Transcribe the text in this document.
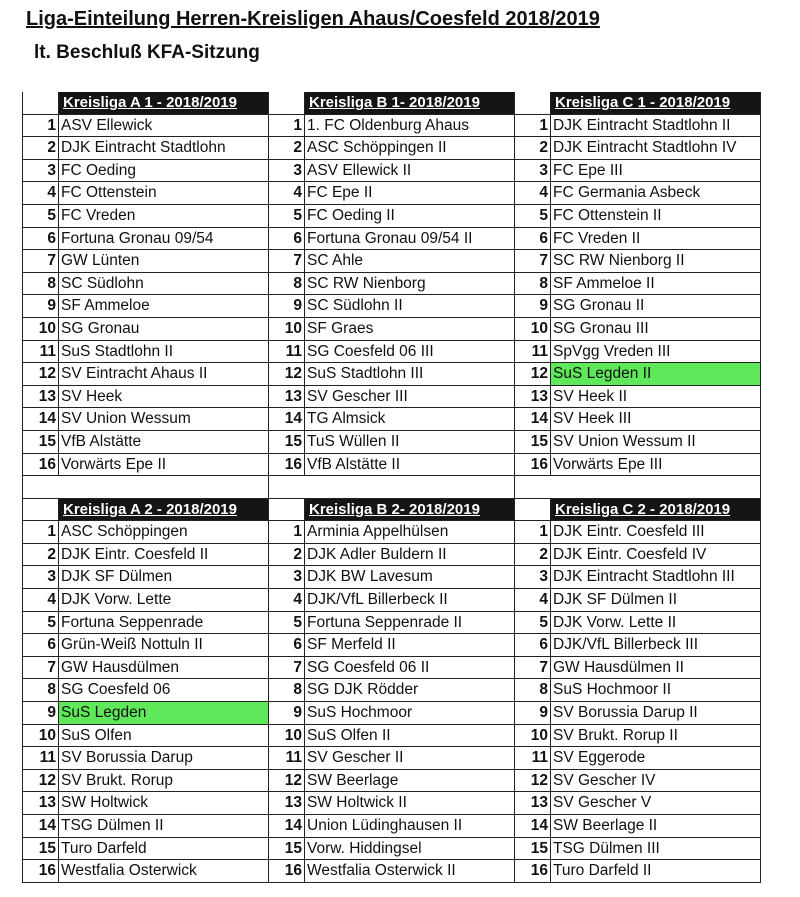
Liga-Einteilung Herren-Kreisligen Ahaus/Coesfeld 2018/2019
lt. Beschluß KFA-Sitzung
Kreisliga A 1 - 2018/2019	Kreisliga B 1- 2018/2019	Kreisliga C 1 - 2018/2019
1 ASV Ellewick	1 1. FC Oldenburg Ahaus	1 DJK Eintracht Stadtlohn II
2 DJK Eintracht Stadtlohn	2 ASC Schöppingen II	2 DJK Eintracht Stadtlohn IV
3 FC Oeding	3 ASV Ellewick II	3 FC Epe III
4 FC Ottenstein	4 FC Epe II	4 FC Germania Asbeck
5 FC Vreden	5 FC Oeding II	5 FC Ottenstein II
6 Fortuna Gronau 09/54	6 Fortuna Gronau 09/54 II	6 FC Vreden II
7 GW Lünten	7 SC Ahle	7 SC RW Nienborg II
8 SC Südlohn	8 SC RW Nienborg	8 SF Ammeloe II
9 SF Ammeloe	9 SC Südlohn II	9 SG Gronau II
10 SG Gronau	10 SF Graes	10 SG Gronau III
11 SuS Stadtlohn II	11 SG Coesfeld 06 III	11 SpVgg Vreden III
12 SV Eintracht Ahaus II	12 SuS Stadtlohn III	12 SuS Legden II
13 SV Heek	13 SV Gescher III	13 SV Heek II
14 SV Union Wessum	14 TG Almsick	14 SV Heek III
15 VfB Alstätte	15 TuS Wüllen II	15 SV Union Wessum II
16 Vorwärts Epe II	16 VfB Alstätte II	16 Vorwärts Epe III
Kreisliga A 2 - 2018/2019	Kreisliga B 2- 2018/2019	Kreisliga C 2 - 2018/2019
1 ASC Schöppingen	1 Arminia Appelhülsen	1 DJK Eintr. Coesfeld III
2 DJK Eintr. Coesfeld II	2 DJK Adler Buldern II	2 DJK Eintr. Coesfeld IV
3 DJK SF Dülmen	3 DJK BW Lavesum	3 DJK Eintracht Stadtlohn III
4 DJK Vorw. Lette	4 DJK/VfL Billerbeck II	4 DJK SF Dülmen II
5 Fortuna Seppenrade	5 Fortuna Seppenrade II	5 DJK Vorw. Lette II
6 Grün-Weiß Nottuln II	6 SF Merfeld II	6 DJK/VfL Billerbeck III
7 GW Hausdülmen	7 SG Coesfeld 06 II	7 GW Hausdülmen II
8 SG Coesfeld 06	8 SG DJK Rödder	8 SuS Hochmoor II
9 SuS Legden	9 SuS Hochmoor	9 SV Borussia Darup II
10 SuS Olfen	10 SuS Olfen II	10 SV Brukt. Rorup II
11 SV Borussia Darup	11 SV Gescher II	11 SV Eggerode
12 SV Brukt. Rorup	12 SW Beerlage	12 SV Gescher IV
13 SW Holtwick	13 SW Holtwick II	13 SV Gescher V
14 TSG Dülmen II	14 Union Lüdinghausen II	14 SW Beerlage II
15 Turo Darfeld	15 Vorw. Hiddingsel	15 TSG Dülmen III
16 Westfalia Osterwick	16 Westfalia Osterwick II	16 Turo Darfeld II
